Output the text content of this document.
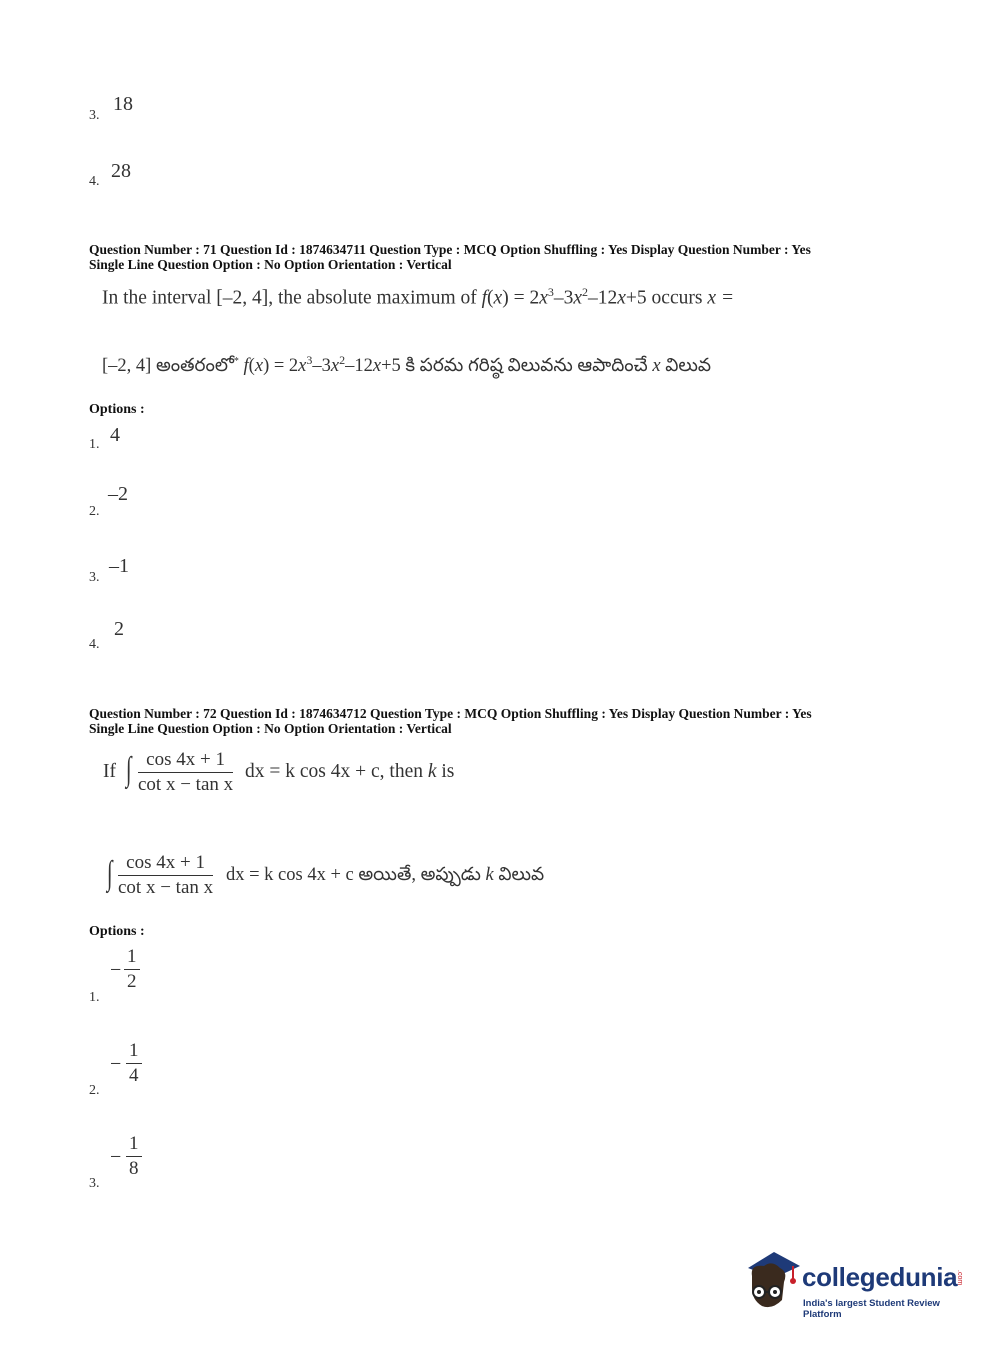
3.
18
4. 28
Question Number : 71 Question Id : 1874634711 Question Type : MCQ Option Shuffling : Yes Display Question Number : Yes
Single Line Question Option : No Option Orientation : Vertical
In the interval [–2, 4], the absolute maximum of $f(x) = 2x^3-3x^2-12x+5$ occurs x =
[–2, 4] అంతరంలో* $f(x) = 2x^3-3x^2-12x+5$ కి పరమ గరిష్ఠ విలువను ఆపాదించే x విలువ
Options :
1. 4
2.
–2
3.
–1
4.
2
Question Number : 72 Question Id : 1874634712 Question Type : MCQ Option Shuffling : Yes Display Question Number : Yes
Single Line Question Option : No Option Orientation : Vertical
If ∫ cos 4x + 1
cot x − tan x
dx = k cos 4x + c, then k is
∫ cos 4x + 1
cot x − tan x
dx = k cos 4x + c అయితే, అప్పుడు k విలువ
Options :
1.
−
1
2
2.
−
1
4
3.
−
1
8
collegedunia
.com
India's largest Student Review Platform
